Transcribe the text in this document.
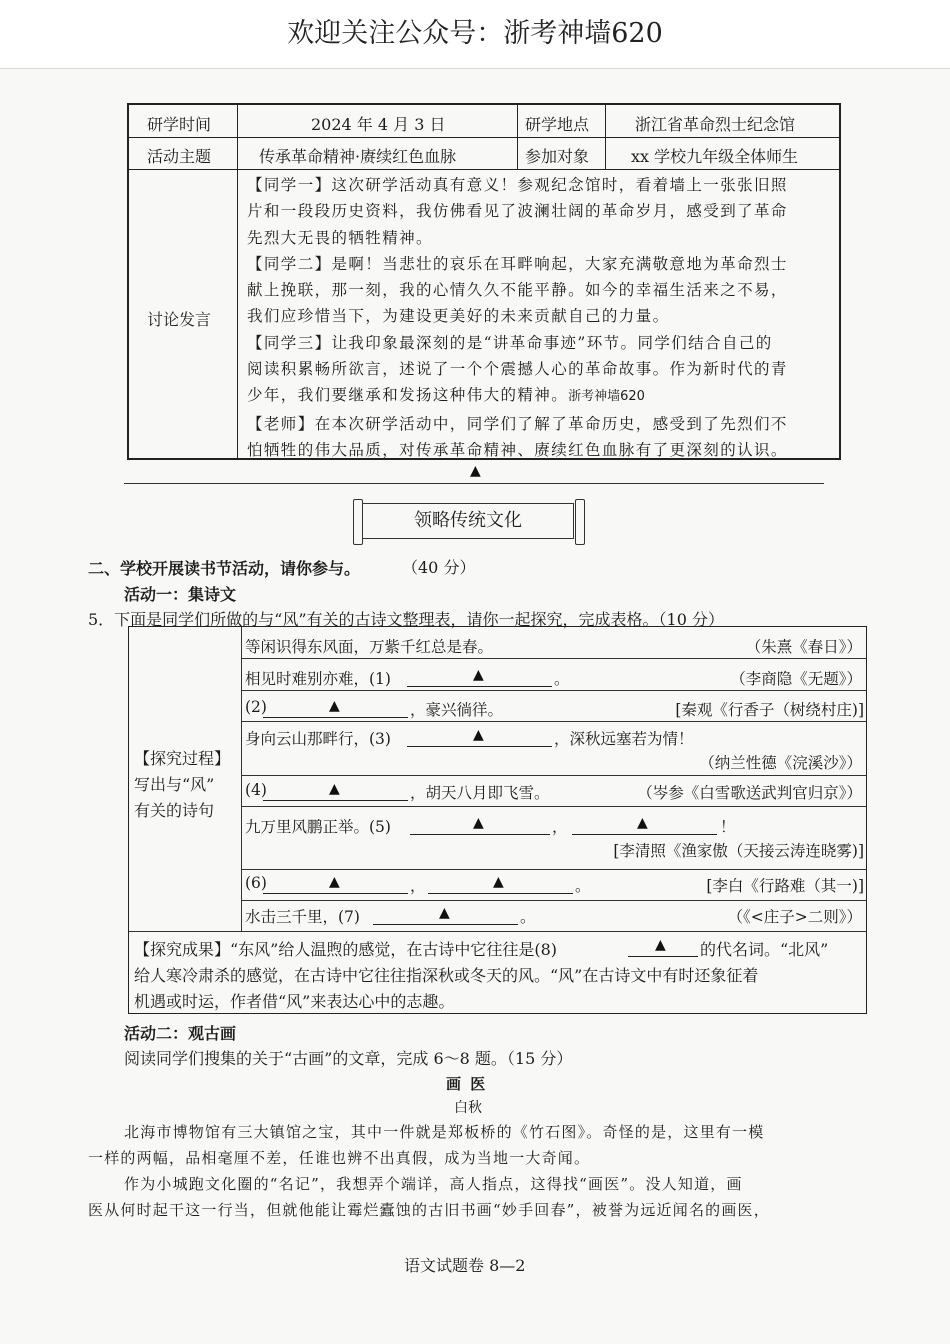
欢迎关注公众号：浙考神墙620
研学时间	2024 年 4 月 3 日	研学地点	浙江省革命烈士纪念馆
活动主题	传承革命精神·赓续红色血脉	参加对象	xx 学校九年级全体师生
讨论发言

【同学一】这次研学活动真有意义！参观纪念馆时，看着墙上一张张旧照

片和一段段历史资料，我仿佛看见了波澜壮阔的革命岁月，感受到了革命

先烈大无畏的牺牲精神。

【同学二】是啊！当悲壮的哀乐在耳畔响起，大家充满敬意地为革命烈士

献上挽联，那一刻，我的心情久久不能平静。如今的幸福生活来之不易，

我们应珍惜当下，为建设更美好的未来贡献自己的力量。

【同学三】让我印象最深刻的是“讲革命事迹”环节。同学们结合自己的

阅读积累畅所欲言，述说了一个个震撼人心的革命故事。作为新时代的青

少年，我们要继承和发扬这种伟大的精神。浙考神墙620

【老师】在本次研学活动中，同学们了解了革命历史，感受到了先烈们不

怕牺牲的伟大品质，对传承革命精神、赓续红色血脉有了更深刻的认识。

▲
领略传统文化
二、学校开展读书节活动，请你参与。	（40 分）
活动一：集诗文
5．下面是同学们所做的与“风”有关的古诗文整理表，请你一起探究，完成表格。（10 分）
【探究过程】
写出与“风”
有关的诗句
等闲识得东风面，万紫千红总是春。	（朱熹《春日》）
相见时难别亦难，(1)	▲	。	（李商隐《无题》）
(2)	▲	，豪兴徜徉。	[秦观《行香子（树绕村庄)]
身向云山那畔行，(3)	▲	，深秋远塞若为情！
（纳兰性德《浣溪沙》）
(4)	▲	，胡天八月即飞雪。	（岑参《白雪歌送武判官归京》）
九万里风鹏正举。(5)	▲	，	▲	！
[李清照《渔家傲（天接云涛连晓雾)]
(6)	▲	，	▲	。	[李白《行路难（其一)]
水击三千里，(7)	▲	。	（《<庄子>二则》）
【探究成果】“东风”给人温煦的感觉，在古诗中它往往是(8)	▲ 的代名词。“北风”
给人寒冷肃杀的感觉，在古诗中它往往指深秋或冬天的风。“风”在古诗文中有时还象征着
机遇或时运，作者借“风”来表达心中的志趣。
活动二：观古画
阅读同学们搜集的关于“古画”的文章，完成 6～8 题。（15 分）
画 医
白秋

北海市博物馆有三大镇馆之宝，其中一件就是郑板桥的《竹石图》。奇怪的是，这里有一模

一样的两幅，品相毫厘不差，任谁也辨不出真假，成为当地一大奇闻。

作为小城跑文化圈的“名记”，我想弄个端详，高人指点，这得找“画医”。没人知道，画

医从何时起干这一行当，但就他能让霉烂蠹蚀的古旧书画“妙手回春”，被誉为远近闻名的画医，

语文试题卷 8—2
